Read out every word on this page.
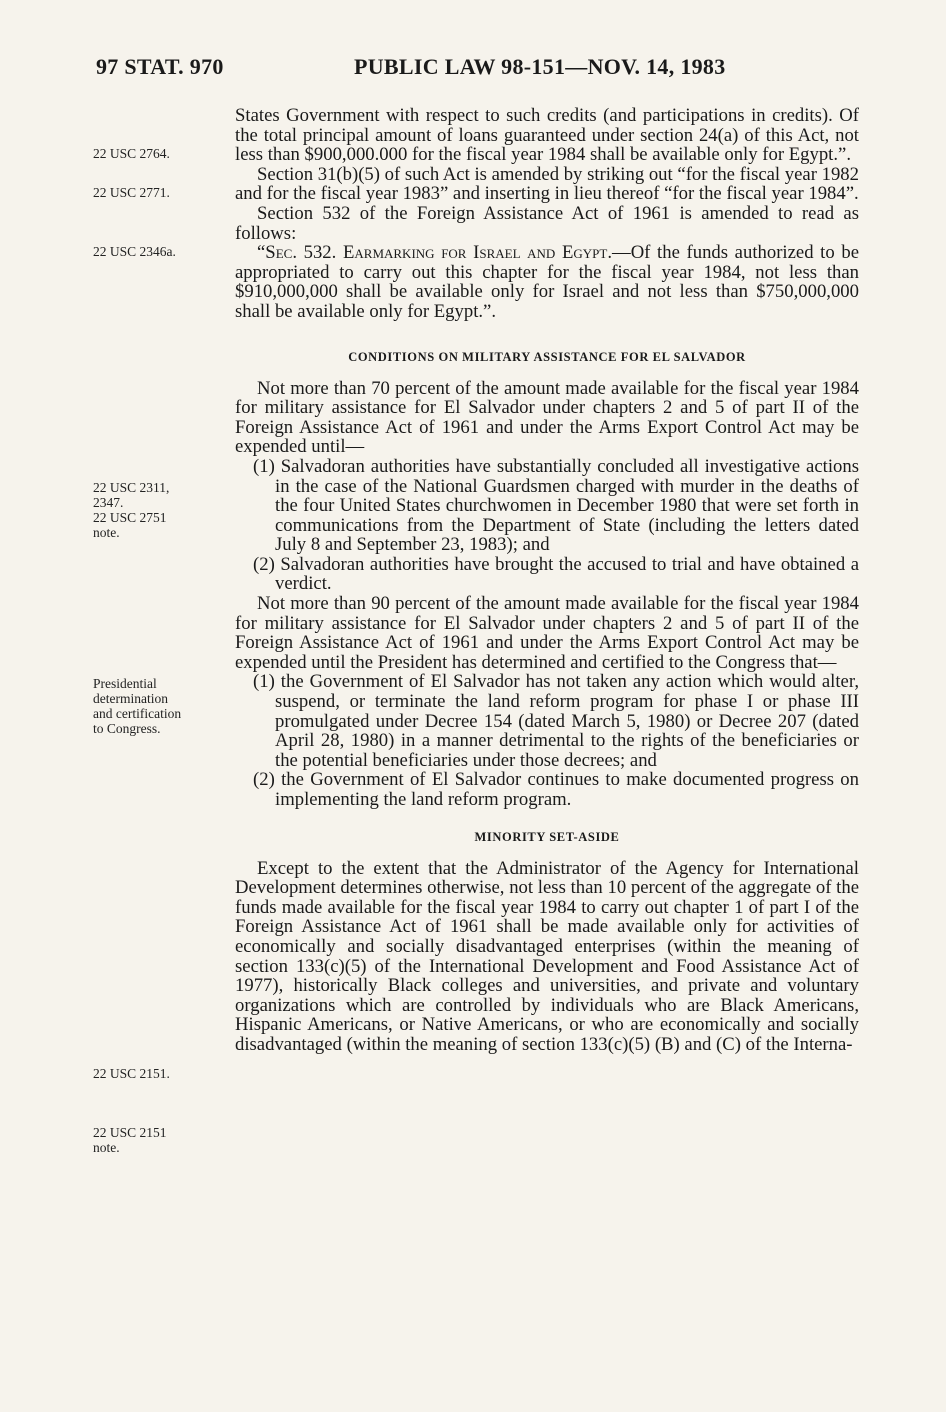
97 STAT. 970	PUBLIC LAW 98-151—NOV. 14, 1983
22 USC 2764.
22 USC 2771.
22 USC 2346a.
22 USC 2311,
2347.
22 USC 2751
note.
Presidential
determination
and certification
to Congress.
22 USC 2151.
22 USC 2151
note.

States Government with respect to such credits (and participations in credits). Of the total principal amount of loans guaranteed under section 24(a) of this Act, not less than $900,000.000 for the fiscal year 1984 shall be available only for Egypt.”.

Section 31(b)(5) of such Act is amended by striking out “for the fiscal year 1982 and for the fiscal year 1983” and inserting in lieu thereof “for the fiscal year 1984”.

Section 532 of the Foreign Assistance Act of 1961 is amended to read as follows:

“Sec. 532. Earmarking for Israel and Egypt.—Of the funds authorized to be appropriated to carry out this chapter for the fiscal year 1984, not less than $910,000,000 shall be available only for Israel and not less than $750,000,000 shall be available only for Egypt.”.

CONDITIONS ON MILITARY ASSISTANCE FOR EL SALVADOR

Not more than 70 percent of the amount made available for the fiscal year 1984 for military assistance for El Salvador under chapters 2 and 5 of part II of the Foreign Assistance Act of 1961 and under the Arms Export Control Act may be expended until—

(1) Salvadoran authorities have substantially concluded all investigative actions in the case of the National Guardsmen charged with murder in the deaths of the four United States churchwomen in December 1980 that were set forth in communications from the Department of State (including the letters dated July 8 and September 23, 1983); and

(2) Salvadoran authorities have brought the accused to trial and have obtained a verdict.

Not more than 90 percent of the amount made available for the fiscal year 1984 for military assistance for El Salvador under chapters 2 and 5 of part II of the Foreign Assistance Act of 1961 and under the Arms Export Control Act may be expended until the President has determined and certified to the Congress that—

(1) the Government of El Salvador has not taken any action which would alter, suspend, or terminate the land reform program for phase I or phase III promulgated under Decree 154 (dated March 5, 1980) or Decree 207 (dated April 28, 1980) in a manner detrimental to the rights of the beneficiaries or the potential beneficiaries under those decrees; and

(2) the Government of El Salvador continues to make documented progress on implementing the land reform program.

MINORITY SET-ASIDE

Except to the extent that the Administrator of the Agency for International Development determines otherwise, not less than 10 percent of the aggregate of the funds made available for the fiscal year 1984 to carry out chapter 1 of part I of the Foreign Assistance Act of 1961 shall be made available only for activities of economically and socially disadvantaged enterprises (within the meaning of section 133(c)(5) of the International Development and Food Assistance Act of 1977), historically Black colleges and universities, and private and voluntary organizations which are controlled by individuals who are Black Americans, Hispanic Americans, or Native Americans, or who are economically and socially disadvantaged (within the meaning of section 133(c)(5) (B) and (C) of the Interna-
